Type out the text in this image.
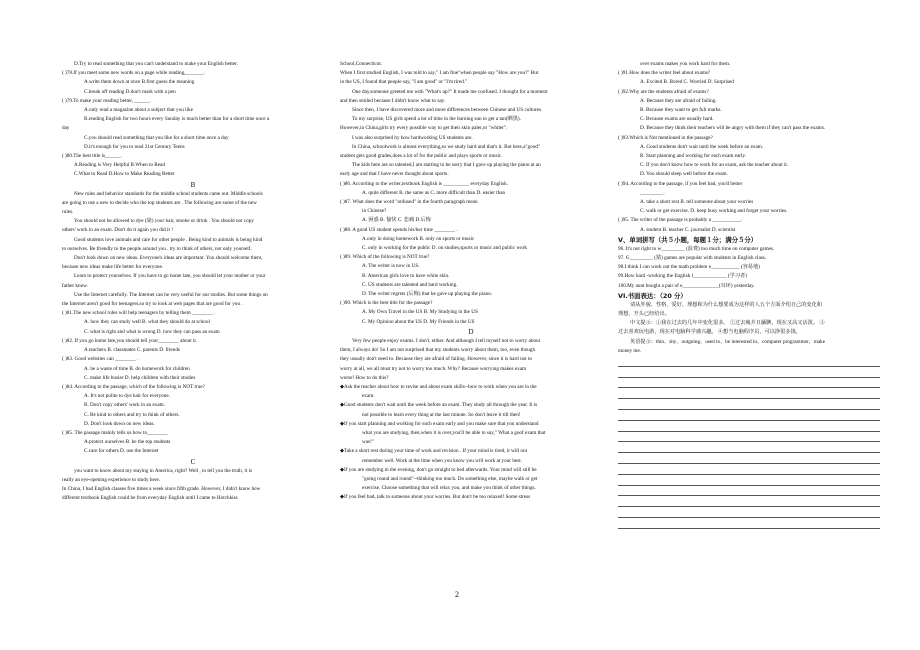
D.Try to read something that you can't understand to make your English better.
( )78.If you meet some new words on a page while reading,_______.
A.write them down at once B.first guess the meaning
C.break off reading D.don't mark with a pen
( )79.To make your reading better, ______.
A.only read a magazine about a subject that you like
B.reading English for two hours every Sunday is much better than for a short time once a
day
C.you should read something that you like for a short time once a day
D.it's enough for you to read 21st Century Teens
( )80.The best title is______.
A.Reading is Very Helpful B.When to Read
C.What to Read D.How to Make Reading Better
B
New rules and behavior standards for the middle school students came out. Middle schools
are going to use a new to decide who the top students are . The following are some of the new
rules.
You should not be allowed to dye (染) your hair, smoke or drink . You should not copy
others' work in an exam. Don't do it again you did it !
Good students love animals and care for other people . Being kind to animals is being kind
to ourselves. Be friendly to the people around you . try to think of others, not only yourself.
Don't look down on new ideas. Everyone's ideas are important. You should welcome them,
because new ideas make life better for everyone.
Learn to protect yourselves. If you have to go home late, you should let your mother or your
father know.
Use the Internet carefully. The Internet can be very useful for our studies. But some things on
the Internet aren't good for teenagers,so try to look at web pages that are good for you .
( )81.The new school rules will help teenagers by telling them ________ .
A. how they can study well B. what they should do at school
C. what is right and what is wrong D. how they can pass an exam
( )82. If you go home late,you should tell your________ about it.
A.teachers B. classmates C. parents D. friends
( )83. Good websites can ________ .
A. be a waste of time B. do homework for children
C. make life busier D. help children with their studies
( )84. According to the passage, which of the following is NOT true?
A. It's not polite to dye hair for everyone.
B. Don't copy others' work in an exam.
C. Be kind to others and try to think of others.
D. Don't look down on new ideas.
( )85. The passage mainly tells us how to________
A.protect ourselves B. be the top students
C.care for others D. use the Internet
C
you want to know about my staying in America, right? Well , to tell you the truth, it is
really an eye-opening experience to study here.
In China, I had English classes five times a week since fifth grade. However, I didn't know how
different textbook English could be from everyday English until I came to Hotchkiss
School,Connecticut.
When I first studied English, I was told to say," I am fine"when people say "How are you?" But
in the US, I found that people say, "I am good" or "I'm tired."
One day,someone greeted me with "What's up?" It made me confused. I thought for a moment
and then smiled because I didn't know what to say.
Since then, I have discovered more and more differences between Chinese and US cultures.
To my surprise, US girls spend a lot of time in the burning sun to get a tan(晒黑).
However,in China,girls try every possible way to get their skin paler,or "whiter".
I was also surprised by how hardworking US students are.
In China, schoolwork is almost everything,so we study hard and that's it. But here,a"good"
student gets good grades,does a lot of for the public and plays sports or music.
The kids here are so talented,I am starting to be sorry that I gave up playing the piano at an
early age and that I have never thought about sports.
( )86. According to the writer,textbook English is __________ everyday English.
A. quite different B. the same as C. more difficult than D. easier than
( )87. What does the word "onfused" in the fourth paragraph mean
in Chinese?
A. 困惑 B. 愉快 C. 悲痛 D.后悔
( )88. A good US student spends his/her time ________ .
A.only in doing homework B. only on sports or music
C. only in working for the public D. on studies,sports or music and public work
( )89. Which of the following is NOT true?
A. The writer is now in US.
B. American girls love to have white skin.
C. US students are talented and hard working.
D. The writer regrets (后悔) that he gave up playing the piano.
( )90. Which is the best title for the passage?
A. My Own Travel in the US B. My Studying in the US
C. My Opinion about the US D. My Friends in the US
D
Very few people enjoy exams. I don't, either. And although I tell myself not to worry about
them, I always do! So I am not surprised that my students worry about them, too, even though
they usually don't need to. Because they are afraid of failing. However, since it is hard not to
worry at all, we all must try not to worry too much. Why? Because worrying makes exam
worse! How to do this?
◆Ask the teacher about how to revise and about exam skills--how to work when you are in the
exam.
◆Good students don't wait until the week before an exam. They study all through the year. It is
not possible to learn every thing at the last minute. So don't leave it till then!
◆If you start planning and working for each exam early and you make sure that you understand
what you are studying, then,when it is over,you'll be able to say," What a goof exam that
was!"
◆Take a short rest during your time of work and revision . If your mind is tired, it will not
remember well. Work at the time when you know you will work at your best.
◆If you are studying in the evening, don't go straight to bed afterwards. Your mind will still be
"going round and round"--thinking too much. Do something else, maybe walk or get
exercise. Choose something that will relax you, and make you think of other things.
◆If you feel bad, talk to someone about your worries. But don't be too relaxed! Some stress
over exams makes you work hard for them.
( )91.How does the writer feel about exams?
A. Excited B. Bored C. Worried D. Surprised
( )92.Why are the students afraid of exams?
A. Because they are afraid of failing.
B. Because they want to get full marks.
C. Because exams are usually hard.
D. Because they think their teachers will be angry with them if they can't pass the exams.
( )93.Which is Not mentioned in the passage?
A. Good students don't wait until the week before an exam.
B. Start planning and working for each exam early.
C. If you don't know how to work for an exam, ask the teacher about it.
D. You should sleep well before the exam.
( )94. According to the passage, if you feel bad, you'd better
_________.
A. take a short rest B. tell someone about your worries
C. walk or get exercise. D. keep busy working and forget your worries.
( )95. The writer of the passage is probably a ___________.
A. student B. teacher C. journalist D. scientist
Ⅴ、单词拼写（共５小题，每题１分；满分５分）
96. It's not right to w_________ (浪费) too much time on computer games.
97. G_________ (猜) games are popular with students in English class.
98.I think I can work out the math problem e___________ (容易地)
99.How hard -working the English l_____________ (学习者)
100.My aunt bought a pair of e______________(耳环) yesterday.
VI.书面表达：（20 分）
请从外貌、性格、爱好、理想和为什么想要成为这样的人五个方面介绍自己的变化和
理想，开头已经给出。
中文提示：①我在过去的几年中变化很多。 ②过去瘦并且腼腆，现在又高又活泼。 ③
过去喜欢玩电游，现在对电脑科学感兴趣。 ④想当电脑程序员，可以挣很多钱。
英语提示：thin、shy、outgoing、used to、be interested in、computer programmer、make
money me.
2
